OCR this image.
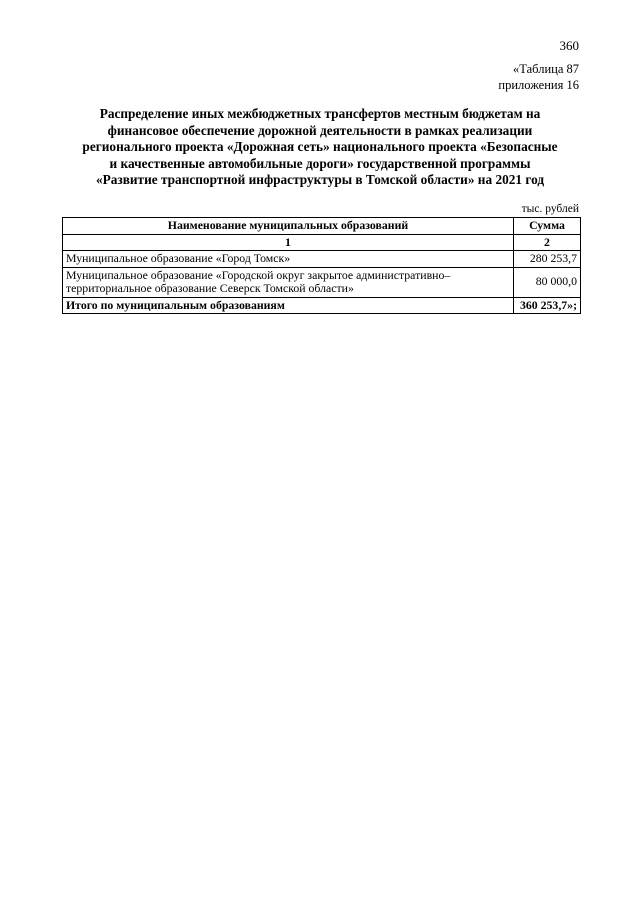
360
«Таблица 87
приложения 16
Распределение иных межбюджетных трансфертов местным бюджетам на
финансовое обеспечение дорожной деятельности в рамках реализации
регионального проекта «Дорожная сеть» национального проекта «Безопасные
и качественные автомобильные дороги» государственной программы
«Развитие транспортной инфраструктуры в Томской области» на 2021 год
тыс. рублей
Наименование муниципальных образований	Сумма
1	2
Муниципальное образование «Город Томск»	280 253,7

Муниципальное образование «Городской округ закрытое административно–
территориальное образование Северск Томской области»	80 000,0
Итого по муниципальным образованиям	360 253,7»;
